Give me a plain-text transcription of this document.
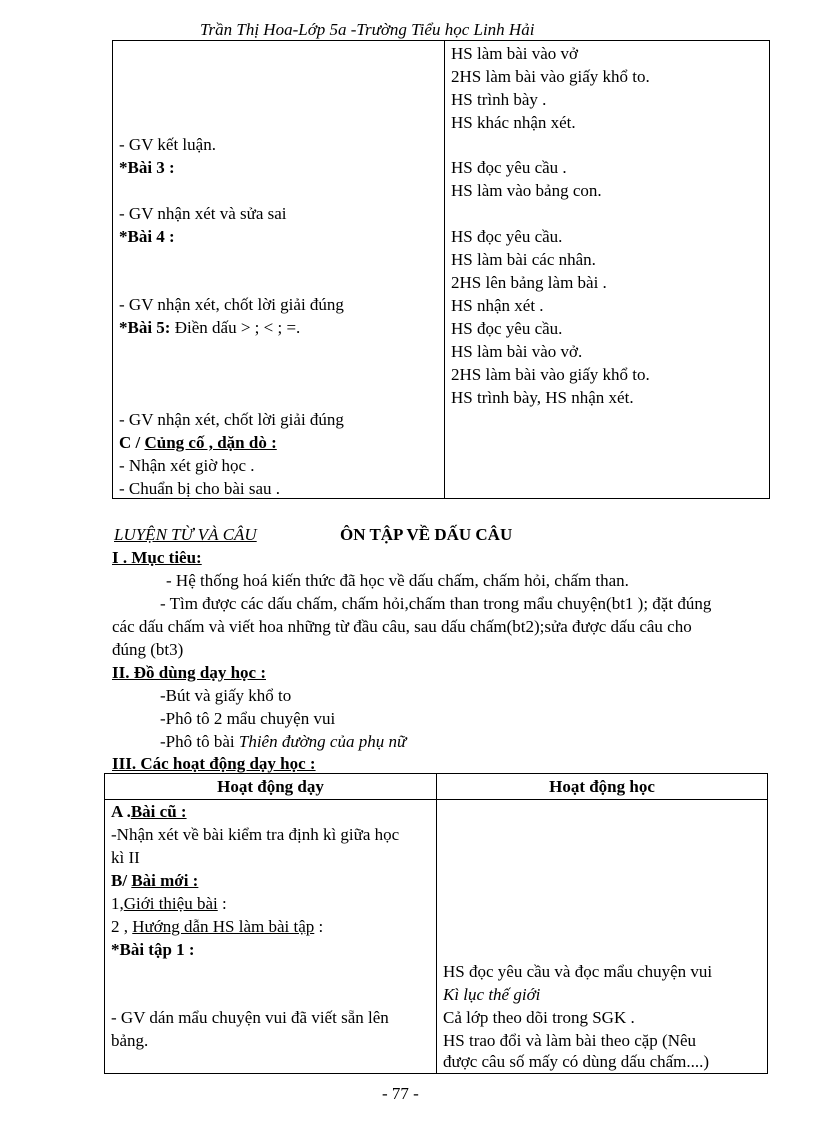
Trần Thị Hoa-Lớp 5a -Trường Tiểu học Linh Hải
- GV kết luận.
*Bài 3 :
- GV nhận xét và sửa sai
*Bài 4 :
- GV nhận xét, chốt lời giải đúng
*Bài 5: Điền dấu > ; < ; =.
- GV nhận xét, chốt lời giải đúng
C / Củng cố , dặn dò :
- Nhận xét giờ học .
- Chuẩn bị cho bài sau .
HS làm bài vào vở
2HS làm bài vào giấy khổ to.
HS trình bày .
HS khác nhận xét.
HS đọc yêu cầu .
HS làm vào bảng con.
HS đọc yêu cầu.
HS làm bài các nhân.
2HS lên bảng làm bài .
HS nhận xét .
HS đọc yêu cầu.
HS làm bài vào vở.
2HS làm bài vào giấy khổ to.
HS trình bày, HS nhận xét.
LUYỆN TỪ VÀ CÂU	ÔN TẬP VỀ DẤU CÂU
I . Mục tiêu:
- Hệ thống hoá kiến thức đã học về dấu chấm, chấm hỏi, chấm than.
- Tìm được các dấu chấm, chấm hỏi,chấm than trong mẩu chuyện(bt1 ); đặt đúng
các dấu chấm và viết hoa những từ đầu câu, sau dấu chấm(bt2);sửa được dấu câu cho
đúng (bt3)
II. Đồ dùng dạy học :
-Bút và giấy khổ to
-Phô tô 2 mẩu chuyện vui
-Phô tô bài Thiên đường của phụ nữ
III. Các hoạt động dạy học :
Hoạt động dạy	Hoạt động học
A .Bài cũ :
-Nhận xét về bài kiểm tra định kì giữa học
kì II
B/ Bài mới :
1,Giới thiệu bài :
2 , Hướng dẫn HS làm bài tập :
*Bài tập 1 :
- GV dán mẩu chuyện vui đã viết sẵn lên
bảng.
HS đọc yêu cầu và đọc mẩu chuyện vui
Kì lục thế giới
Cả lớp theo dõi trong SGK .
HS trao đổi và làm bài theo cặp (Nêu
được câu số mấy có dùng dấu chấm....)
- 77 -
